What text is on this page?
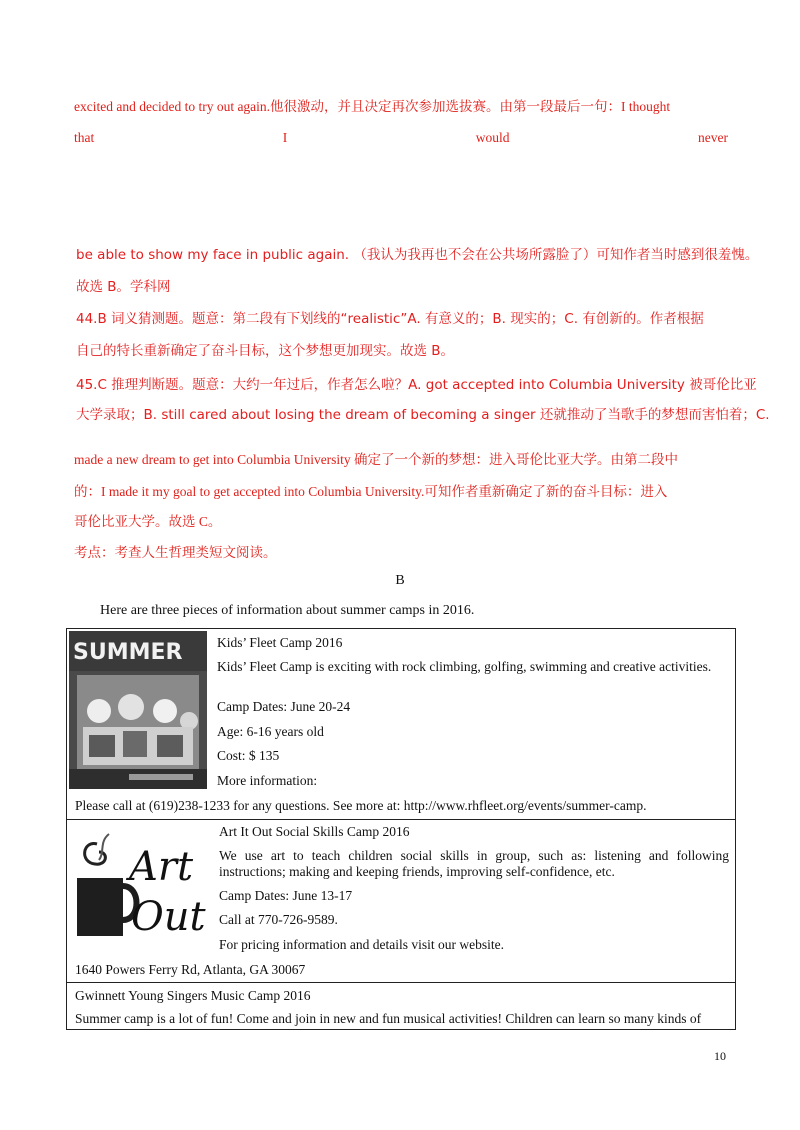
excited and decided to try out again.他很激动，并且决定再次参加选拔赛。由第一段最后一句：I thought
that	I	would	never
be able to show my face in public again. （我认为我再也不会在公共场所露脸了）可知作者当时感到很羞愧。
故选 B。学科网
44.B 词义猜测题。题意：第二段有下划线的“realistic”A. 有意义的；B. 现实的；C. 有创新的。作者根据
自己的特长重新确定了奋斗目标，这个梦想更加现实。故选 B。
45.C 推理判断题。题意：大约一年过后，作者怎么啦？A. got accepted into Columbia University 被哥伦比亚
大学录取；B. still cared about losing the dream of becoming a singer 还就推动了当歌手的梦想而害怕着；C.
made a new dream to get into Columbia University 确定了一个新的梦想：进入哥伦比亚大学。由第二段中
的：I made it my goal to get accepted into Columbia University.可知作者重新确定了新的奋斗目标：进入
哥伦比亚大学。故选 C。
考点：考查人生哲理类短文阅读。
B
Here are three pieces of information about summer camps in 2016.
SUMMER	Kids’ Fleet Camp 2016

Kids’ Fleet Camp is exciting with rock climbing, golfing, swimming and creative activities.

Camp Dates: June 20-24

Age: 6-16 years old

Cost: $ 135

More information:

Please call at (619)238-1233 for any questions. See more at: http://www.rhfleet.org/events/summer-camp.

Art
Out

Art It Out Social Skills Camp 2016

We use art to teach children social skills in group, such as: listening and following instructions; making and keeping friends, improving self-confidence, etc.

Camp Dates: June 13-17

Call at 770-726-9589.

For pricing information and details visit our website.

1640 Powers Ferry Rd, Atlanta, GA 30067

Gwinnett Young Singers Music Camp 2016

Summer camp is a lot of fun! Come and join in new and fun musical activities! Children can learn so many kinds of

10
